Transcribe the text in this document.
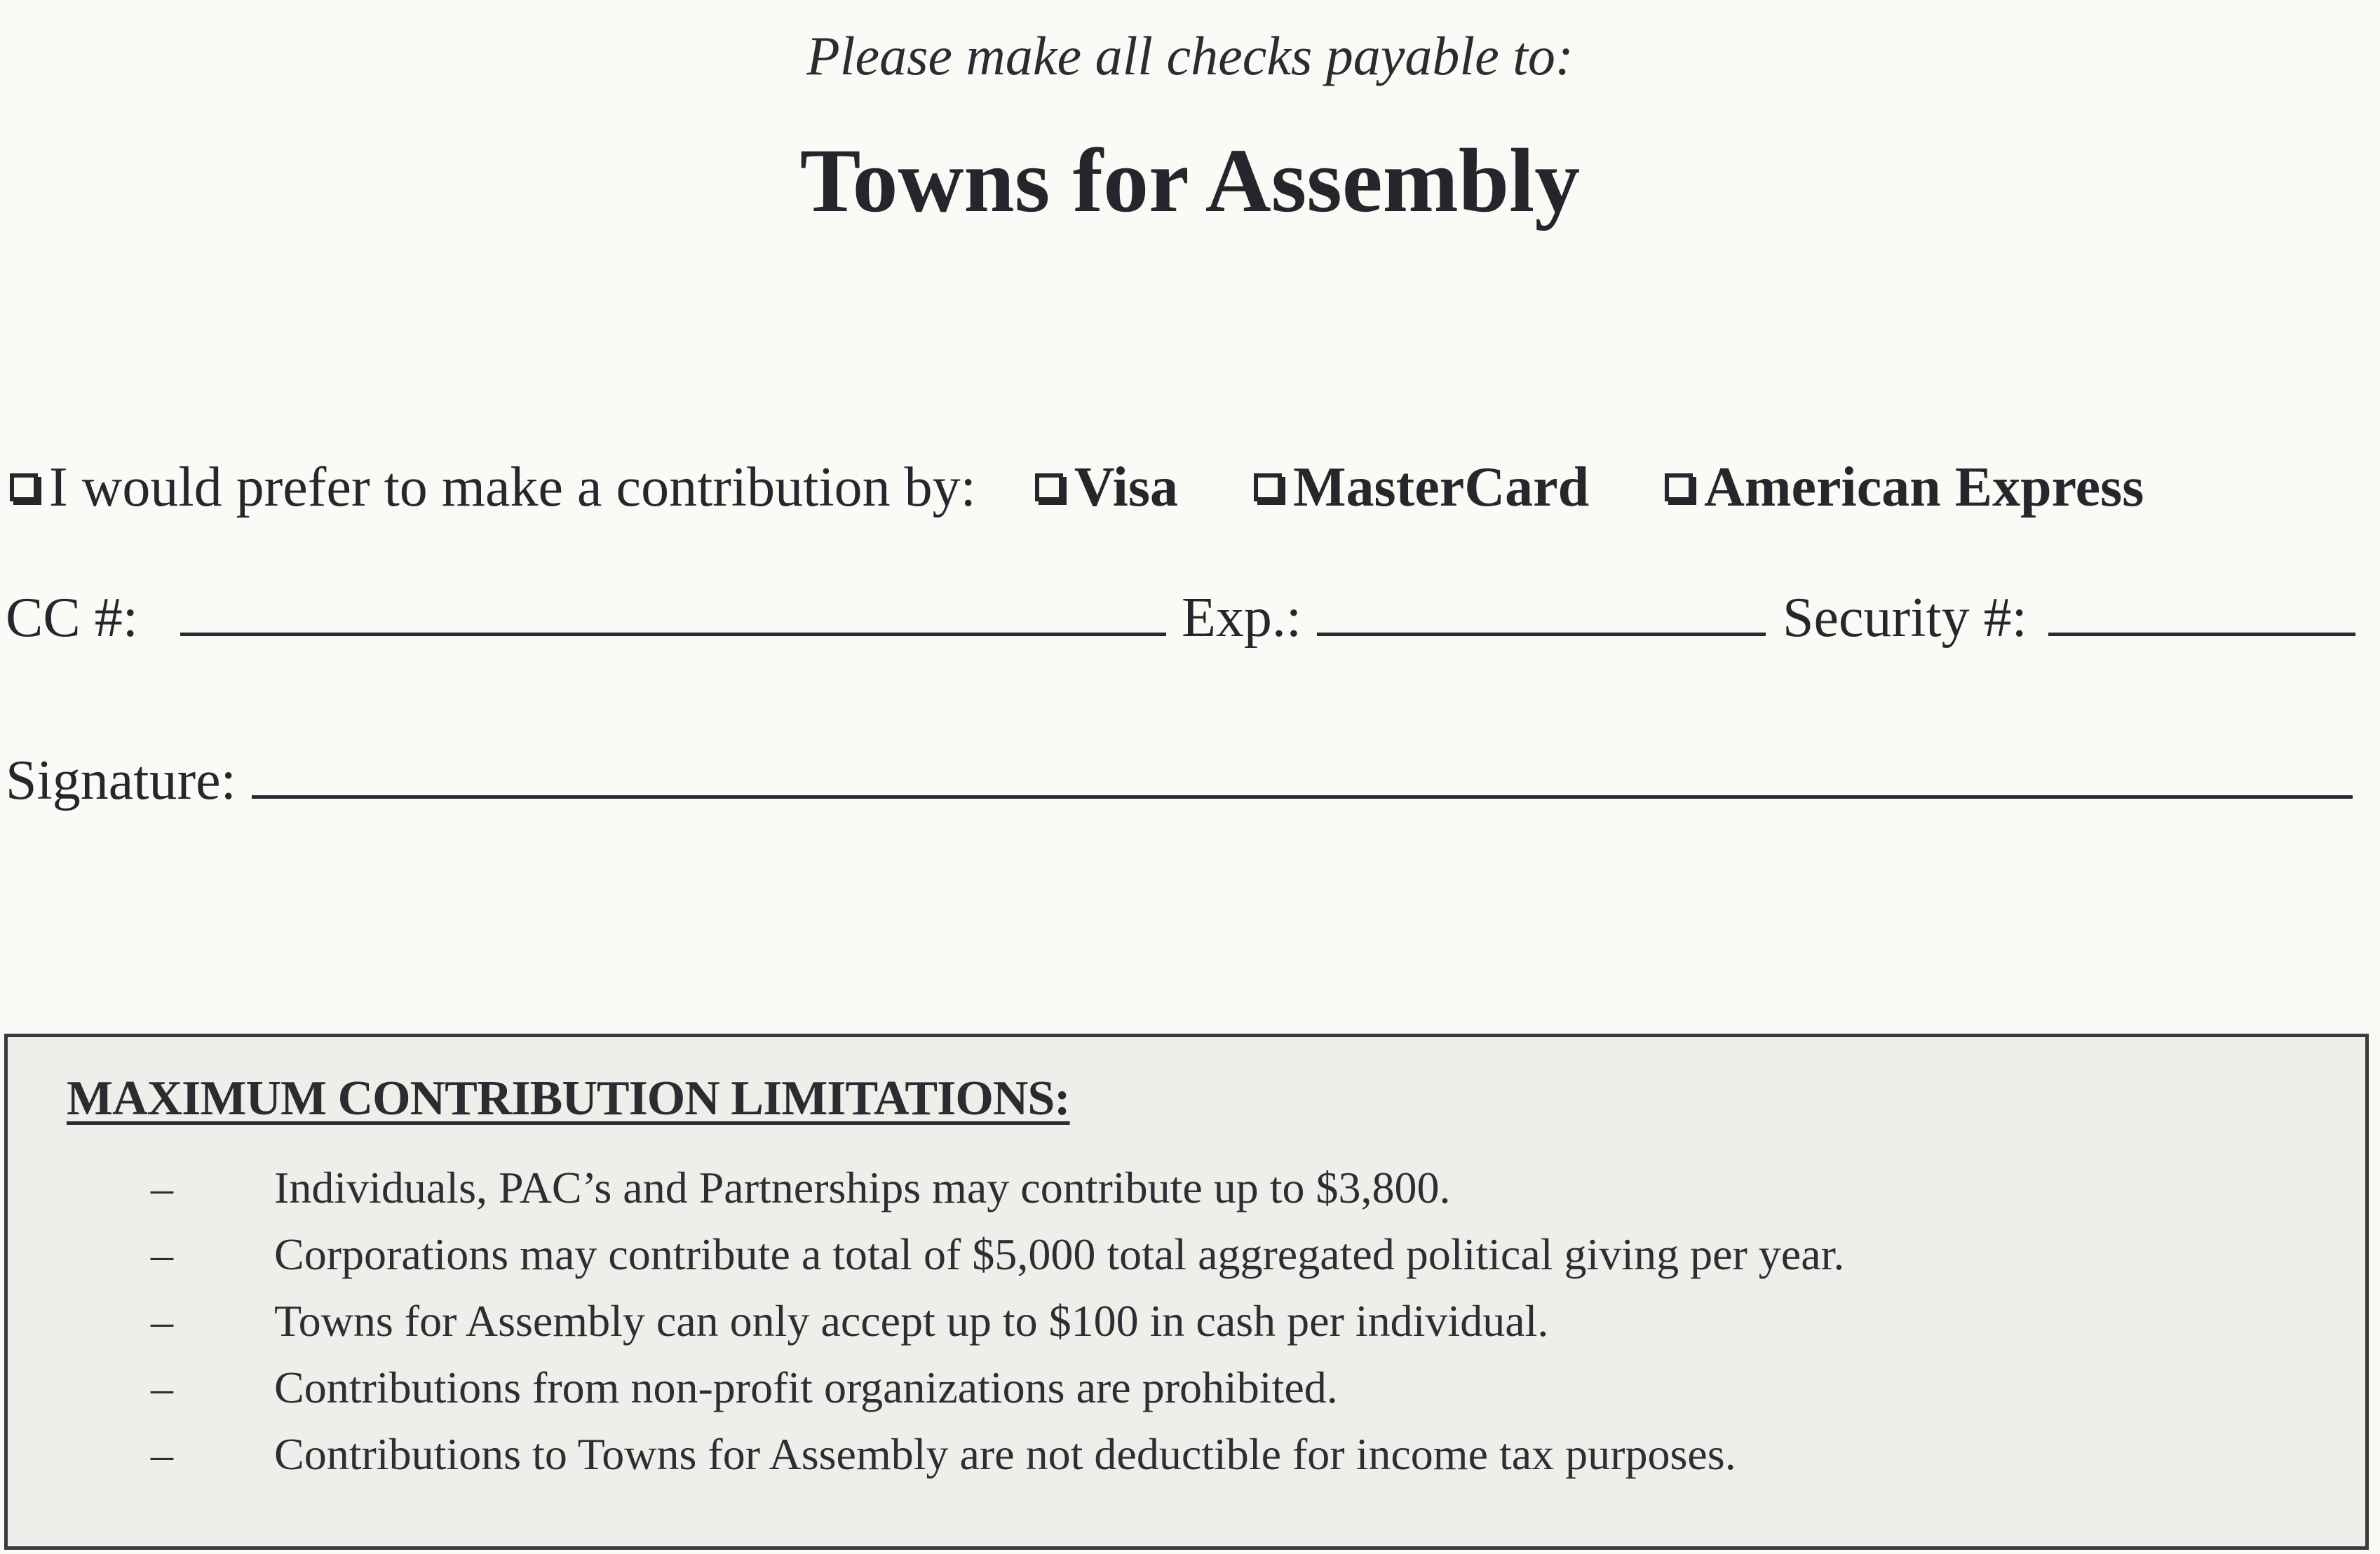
Please make all checks payable to:
Towns for Assembly
I would prefer to make a contribution by: Visa MasterCard American Express
CC #:	Exp.:	Security #:
Signature:
MAXIMUM CONTRIBUTION LIMITATIONS:
– Individuals, PAC’s and Partnerships may contribute up to $3,800.
– Corporations may contribute a total of $5,000 total aggregated political giving per year.
– Towns for Assembly can only accept up to $100 in cash per individual.
– Contributions from non-profit organizations are prohibited.
– Contributions to Towns for Assembly are not deductible for income tax purposes.
